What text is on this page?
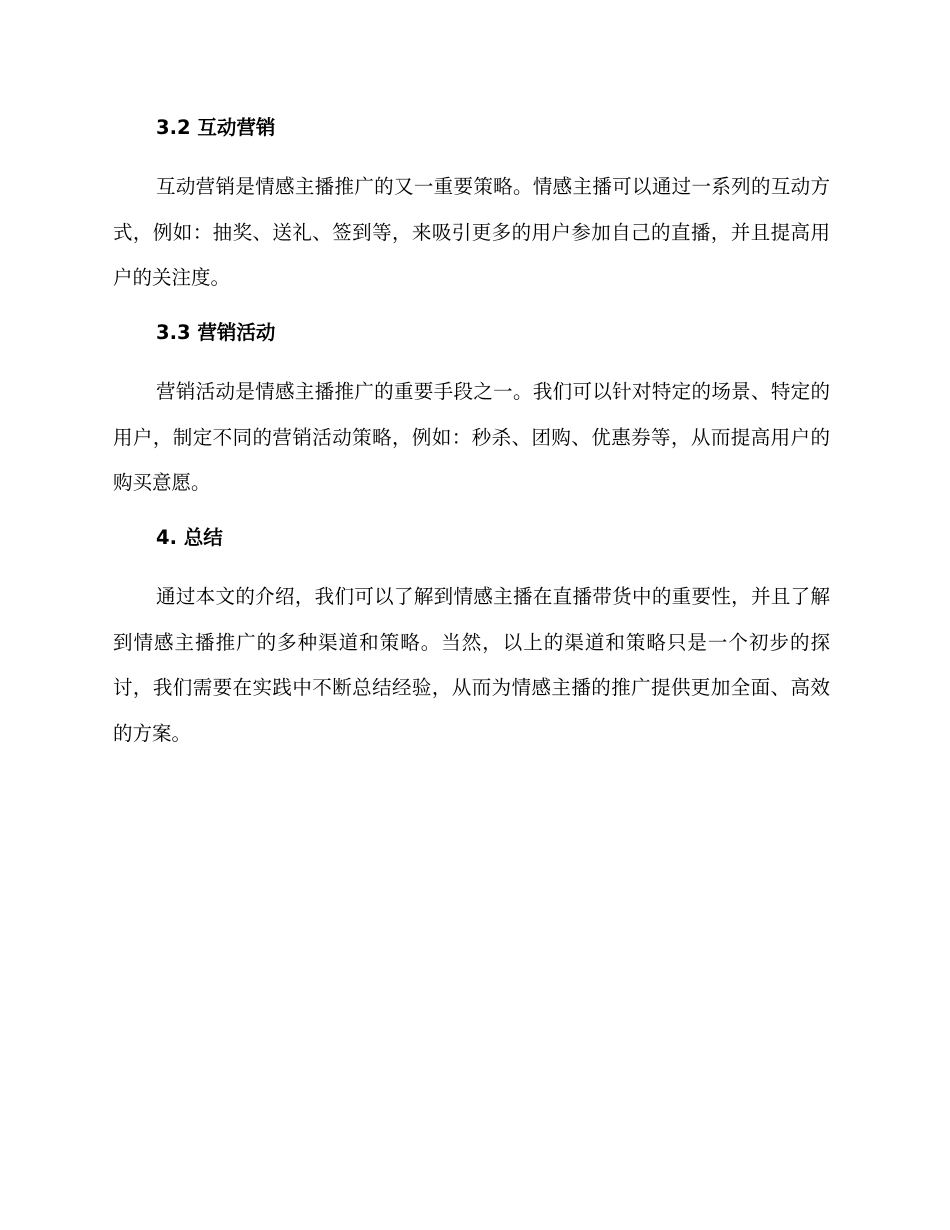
3.2 互动营销

互动营销是情感主播推广的又一重要策略。情感主播可以通过一系列的互动方式，例如：抽奖、送礼、签到等，来吸引更多的用户参加自己的直播，并且提高用户的关注度。

3.3 营销活动

营销活动是情感主播推广的重要手段之一。我们可以针对特定的场景、特定的用户，制定不同的营销活动策略，例如：秒杀、团购、优惠券等，从而提高用户的购买意愿。

4. 总结

通过本文的介绍，我们可以了解到情感主播在直播带货中的重要性，并且了解到情感主播推广的多种渠道和策略。当然，以上的渠道和策略只是一个初步的探讨，我们需要在实践中不断总结经验，从而为情感主播的推广提供更加全面、高效的方案。
